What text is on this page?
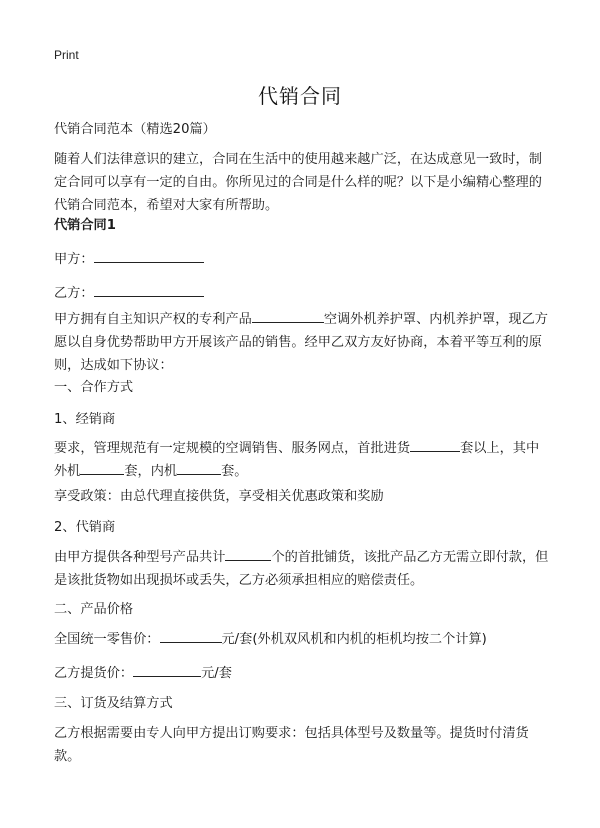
Print
代销合同

代销合同范本（精选20篇）

随着人们法律意识的建立，合同在生活中的使用越来越广泛，在达成意见一致时，制定合同可以享有一定的自由。你所见过的合同是什么样的呢？以下是小编精心整理的代销合同范本，希望对大家有所帮助。

代销合同1

甲方：

乙方：

甲方拥有自主知识产权的专利产品	空调外机养护罩、内机养护罩，现乙方愿以自身优势帮助甲方开展该产品的销售。经甲乙双方友好协商，本着平等互利的原则，达成如下协议：

一、合作方式

1、经销商

要求，管理规范有一定规模的空调销售、服务网点，首批进货	套以上，其中外机	套，内机	套。

享受政策：由总代理直接供货，享受相关优惠政策和奖励

2、代销商

由甲方提供各种型号产品共计	个的首批铺货，该批产品乙方无需立即付款，但是该批货物如出现损坏或丢失，乙方必须承担相应的赔偿责任。

二、产品价格

全国统一零售价：	元/套(外机双风机和内机的柜机均按二个计算)

乙方提货价：	元/套

三、订货及结算方式

乙方根据需要由专人向甲方提出订购要求：包括具体型号及数量等。提货时付清货款。
